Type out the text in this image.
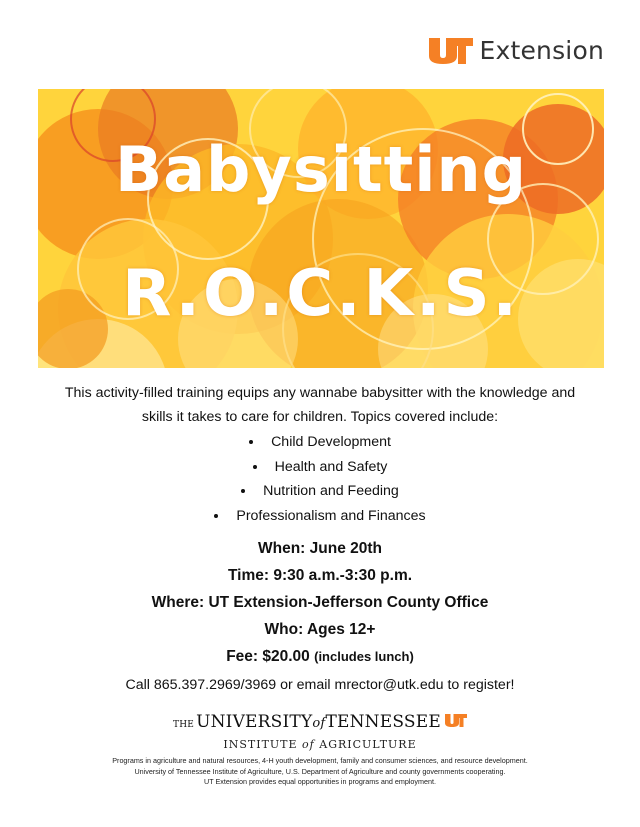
Extension
Babysitting
R.O.C.K.S.
This activity-filled training equips any wannabe babysitter with the knowledge and
skills it takes to care for children. Topics covered include:
Child Development
Health and Safety
Nutrition and Feeding
Professionalism and Finances
When: June 20th
Time: 9:30 a.m.-3:30 p.m.
Where: UT Extension-Jefferson County Office
Who: Ages 12+
Fee: $20.00 (includes lunch)
Call 865.397.2969/3969 or email mrector@utk.edu to register!
THE UNIVERSITY of TENNESSEE
INSTITUTE of AGRICULTURE
Programs in agriculture and natural resources, 4-H youth development, family and consumer sciences, and resource development.
University of Tennessee Institute of Agriculture, U.S. Department of Agriculture and county governments cooperating.
UT Extension provides equal opportunities in programs and employment.
